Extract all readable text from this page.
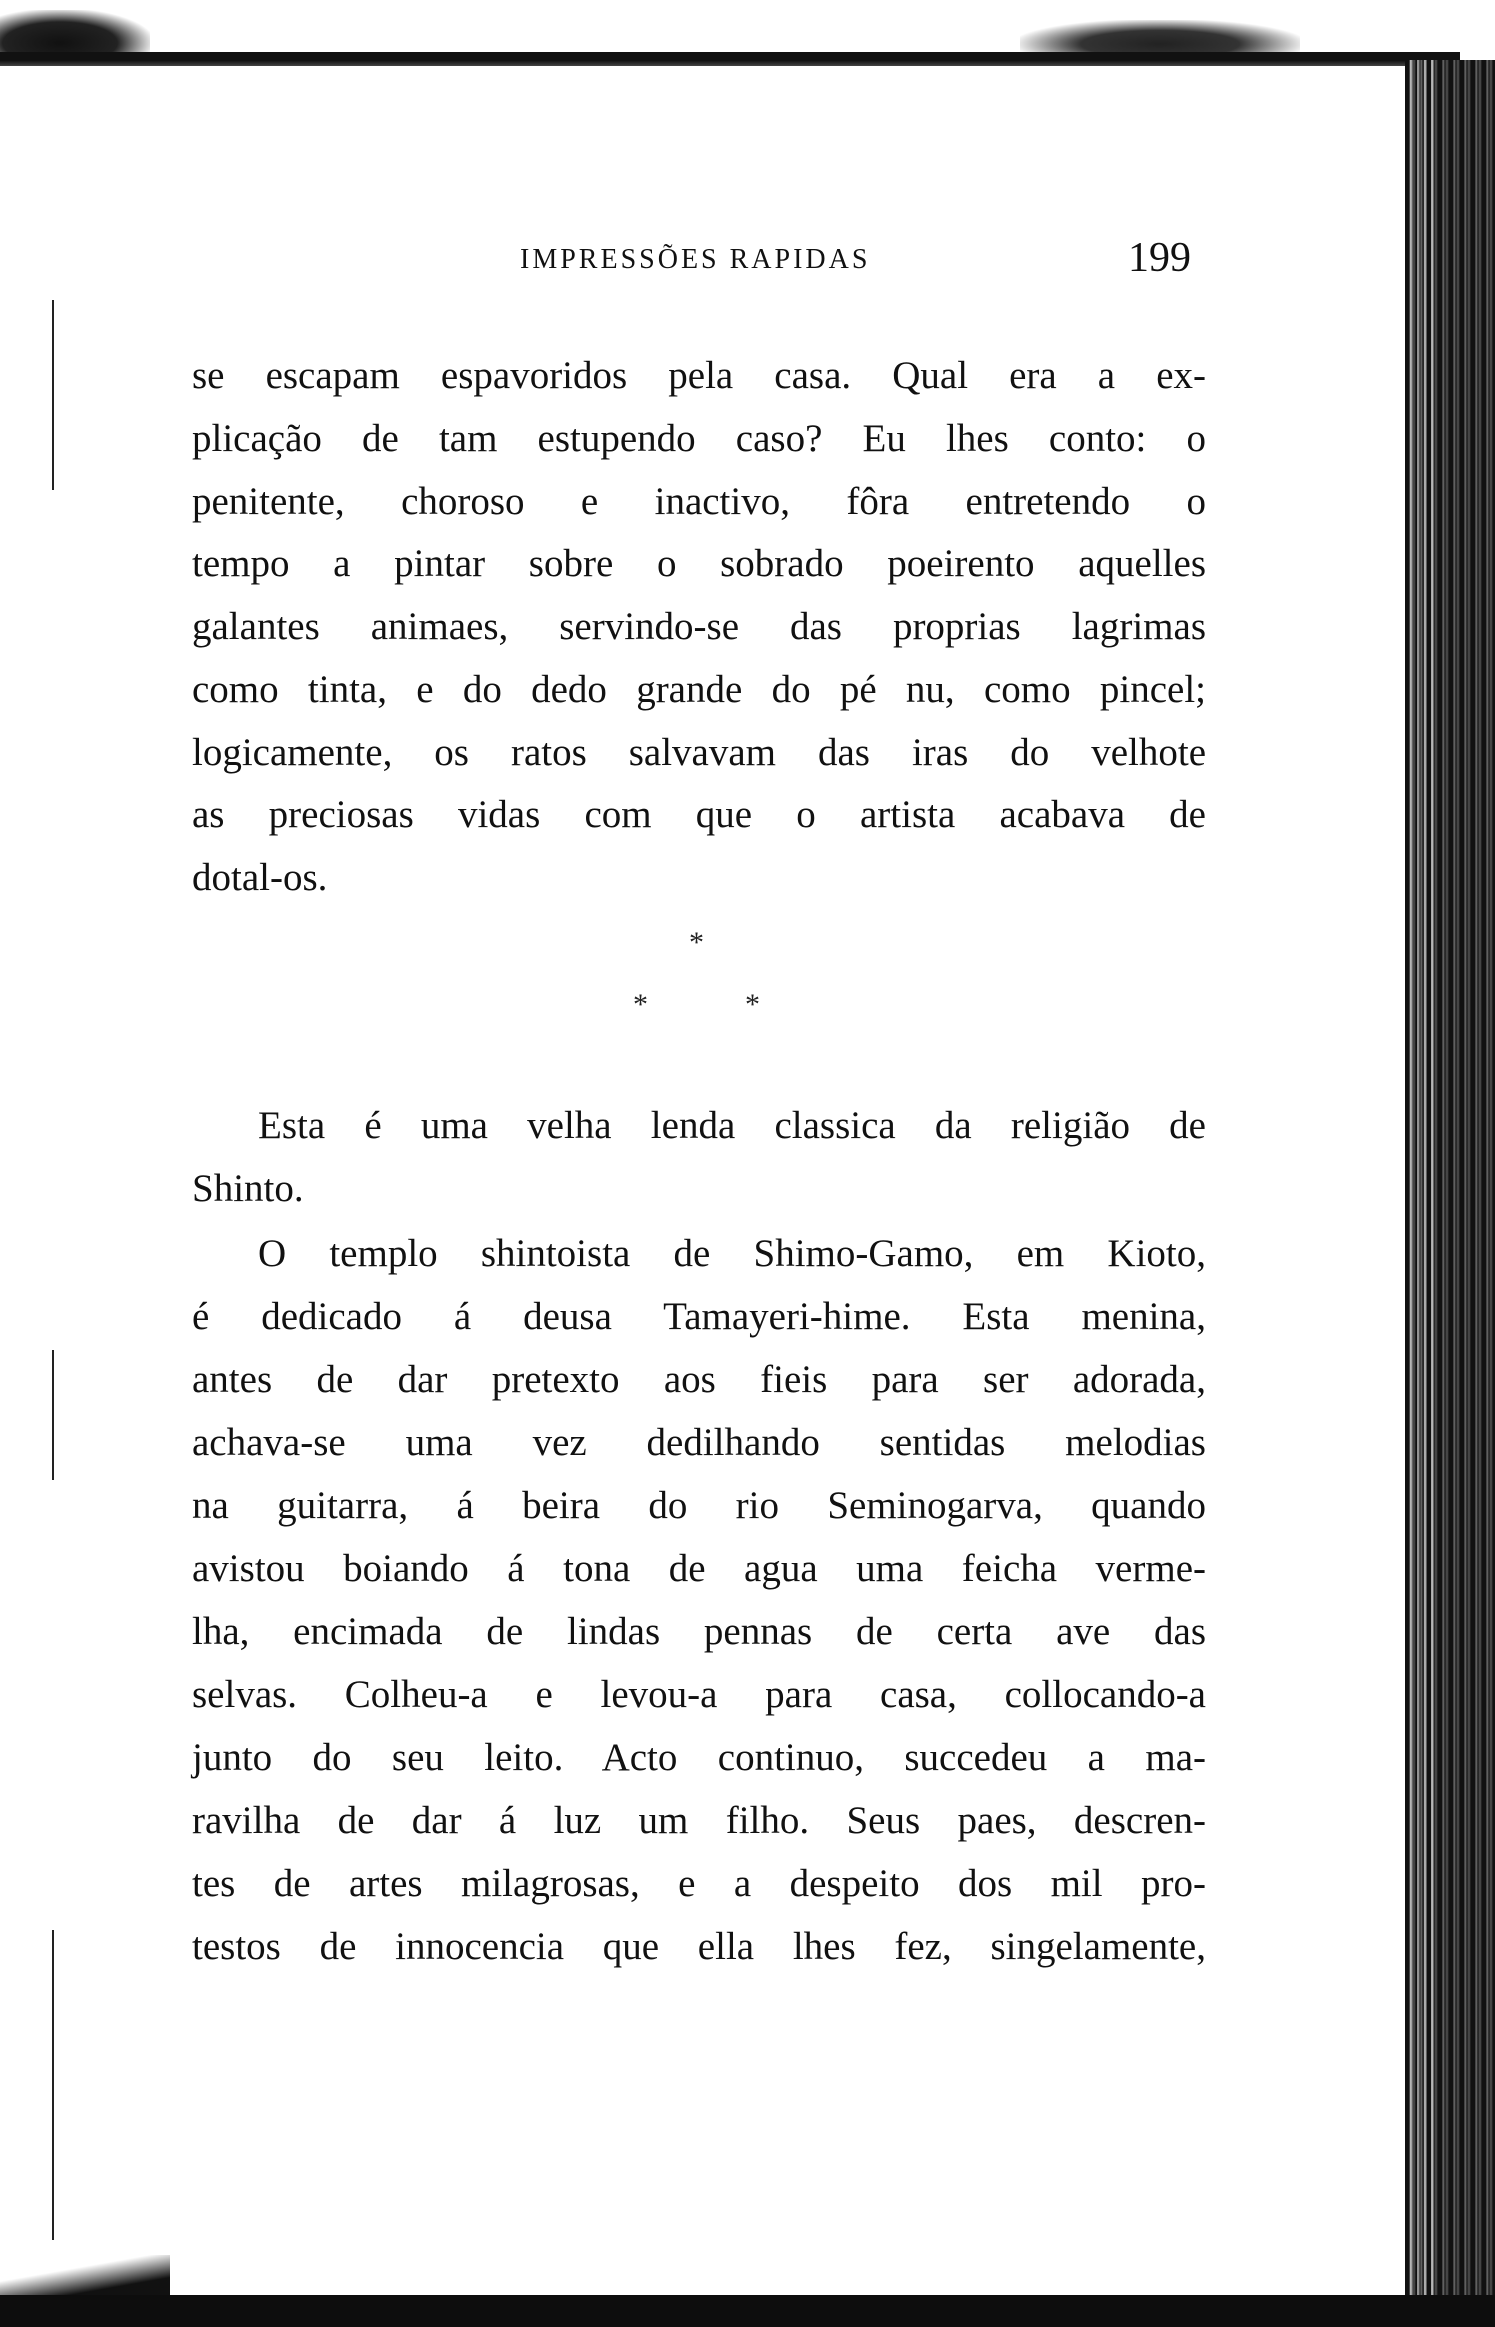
IMPRESSÕES RAPIDAS	199
se escapam espavoridos pela casa. Qual era a ex-
plicação de tam estupendo caso? Eu lhes conto: o
penitente, choroso e inactivo, fôra entretendo o
tempo a pintar sobre o sobrado poeirento aquelles
galantes animaes, servindo-se das proprias lagrimas
como tinta, e do dedo grande do pé nu, como pincel;
logicamente, os ratos salvavam das iras do velhote
as preciosas vidas com que o artista acabava de
dotal-os.
*
*	*
Esta é uma velha lenda classica da religião de
Shinto.
O templo shintoista de Shimo-Gamo, em Kioto,
é dedicado á deusa Tamayeri-hime. Esta menina,
antes de dar pretexto aos fieis para ser adorada,
achava-se uma vez dedilhando sentidas melodias
na guitarra, á beira do rio Seminogarva, quando
avistou boiando á tona de agua uma feicha verme-
lha, encimada de lindas pennas de certa ave das
selvas. Colheu-a e levou-a para casa, collocando-a
junto do seu leito. Acto continuo, succedeu a ma-
ravilha de dar á luz um filho. Seus paes, descren-
tes de artes milagrosas, e a despeito dos mil pro-
testos de innocencia que ella lhes fez, singelamente,
